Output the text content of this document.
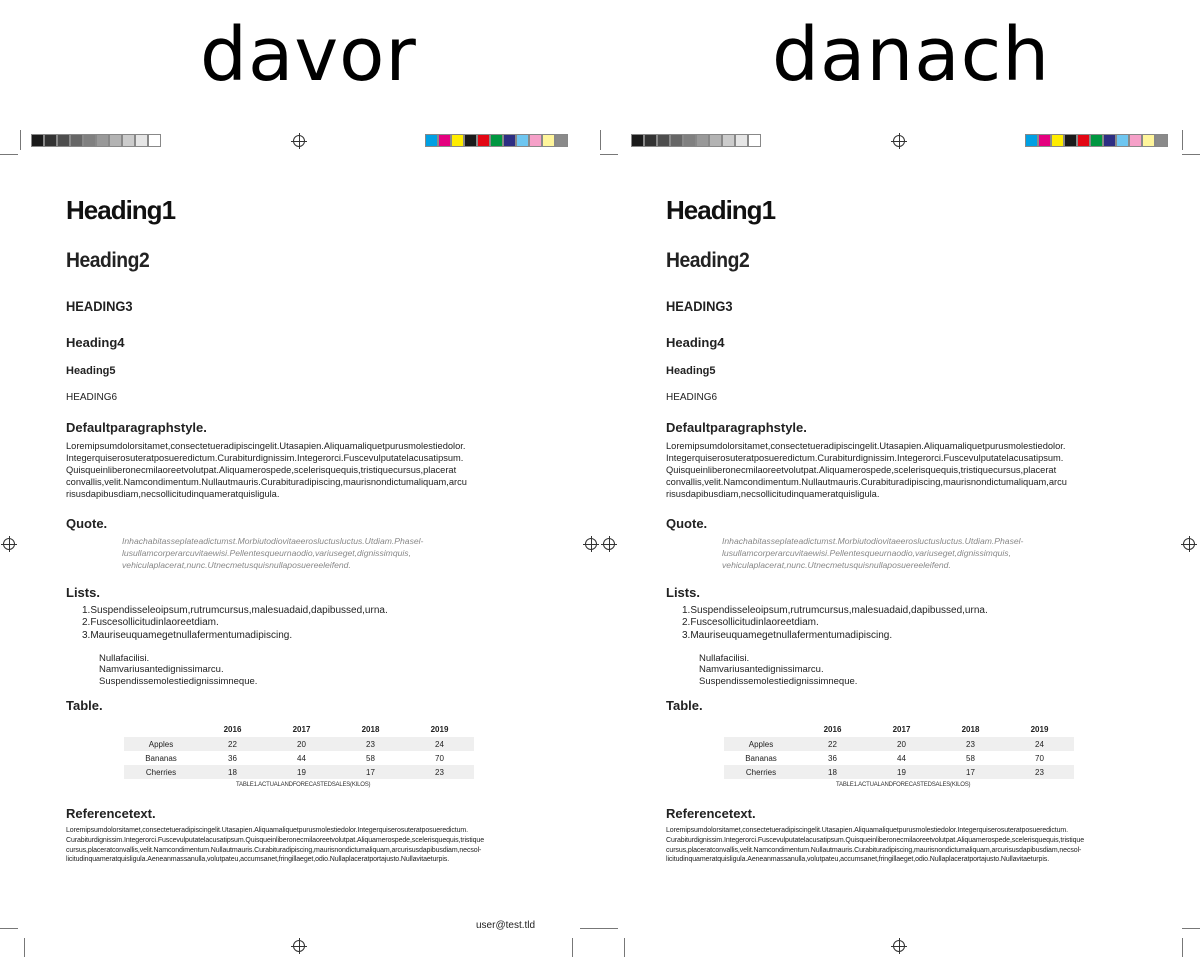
davor	danach
Heading1
Heading2
HEADING3
Heading4
Heading5
HEADING6
Defaultparagraphstyle.
Loremipsumdolorsitamet,consectetueradipiscingelit.Utasapien.Aliquamaliquetpurusmolestiedolor.
Integerquiserosuteratposueredictum.Curabiturdignissim.Integerorci.Fuscevulputatelacusatipsum.
Quisqueinliberonecmilaoreetvolutpat.Aliquamerospede,scelerisquequis,tristiquecursus,placerat
convallis,velit.Namcondimentum.Nullautmauris.Curabituradipiscing,maurisnondictumaliquam,arcu
risusdapibusdiam,necsollicitudinquameratquisligula.
Quote.
Inhachabitasseplateadictumst.Morbiutodiovitaeerosluctusluctus.Utdiam.Phasel-
lusullamcorperarcuvitaewisi.Pellentesqueurnaodio,variuseget,dignissimquis,
vehiculaplacerat,nunc.Utnecmetusquisnullaposuereeleifend.
Lists.
1.Suspendisseleoipsum,rutrumcursus,malesuadaid,dapibussed,urna.
2.Fuscesollicitudinlaoreetdiam.
3.Mauriseuquamegetnullafermentumadipiscing.
Nullafacilisi.
Namvariusantedignissimarcu.
Suspendissemolestiedignissimneque.
Table.
	2016	2017	2018	2019
Apples	22	20	23	24
Bananas	36	44	58	70
Cherries	18	19	17	23
TABLE1.ACTUALANDFORECASTEDSALES(KILOS)
Referencetext.
Loremipsumdolorsitamet,consectetueradipiscingelit.Utasapien.Aliquamaliquetpurusmolestiedolor.Integerquiserosuteratposueredictum.
Curabiturdignissim.Integerorci.Fuscevulputatelacusatipsum.Quisqueinliberonecmilaoreetvolutpat.Aliquamerospede,scelerisquequis,tristique
cursus,placeratconvallis,velit.Namcondimentum.Nullautmauris.Curabituradipiscing,maurisnondictumaliquam,arcurisusdapibusdiam,necsol-
licitudinquameratquisligula.Aeneanmassanulla,volutpateu,accumsanet,fringillaeget,odio.Nullaplaceratportajusto.Nullavitaeturpis.
user@test.tld
Heading1
Heading2
HEADING3
Heading4
Heading5
HEADING6
Defaultparagraphstyle.
Loremipsumdolorsitamet,consectetueradipiscingelit.Utasapien.Aliquamaliquetpurusmolestiedolor.
Integerquiserosuteratposueredictum.Curabiturdignissim.Integerorci.Fuscevulputatelacusatipsum.
Quisqueinliberonecmilaoreetvolutpat.Aliquamerospede,scelerisquequis,tristiquecursus,placerat
convallis,velit.Namcondimentum.Nullautmauris.Curabituradipiscing,maurisnondictumaliquam,arcu
risusdapibusdiam,necsollicitudinquameratquisligula.
Quote.
Inhachabitasseplateadictumst.Morbiutodiovitaeerosluctusluctus.Utdiam.Phasel-
lusullamcorperarcuvitaewisi.Pellentesqueurnaodio,variuseget,dignissimquis,
vehiculaplacerat,nunc.Utnecmetusquisnullaposuereeleifend.
Lists.
1.Suspendisseleoipsum,rutrumcursus,malesuadaid,dapibussed,urna.
2.Fuscesollicitudinlaoreetdiam.
3.Mauriseuquamegetnullafermentumadipiscing.
Nullafacilisi.
Namvariusantedignissimarcu.
Suspendissemolestiedignissimneque.
Table.
	2016	2017	2018	2019
Apples	22	20	23	24
Bananas	36	44	58	70
Cherries	18	19	17	23
TABLE1.ACTUALANDFORECASTEDSALES(KILOS)
Referencetext.
Loremipsumdolorsitamet,consectetueradipiscingelit.Utasapien.Aliquamaliquetpurusmolestiedolor.Integerquiserosuteratposueredictum.
Curabiturdignissim.Integerorci.Fuscevulputatelacusatipsum.Quisqueinliberonecmilaoreetvolutpat.Aliquamerospede,scelerisquequis,tristique
cursus,placeratconvallis,velit.Namcondimentum.Nullautmauris.Curabituradipiscing,maurisnondictumaliquam,arcurisusdapibusdiam,necsol-
licitudinquameratquisligula.Aeneanmassanulla,volutpateu,accumsanet,fringillaeget,odio.Nullaplaceratportajusto.Nullavitaeturpis.
